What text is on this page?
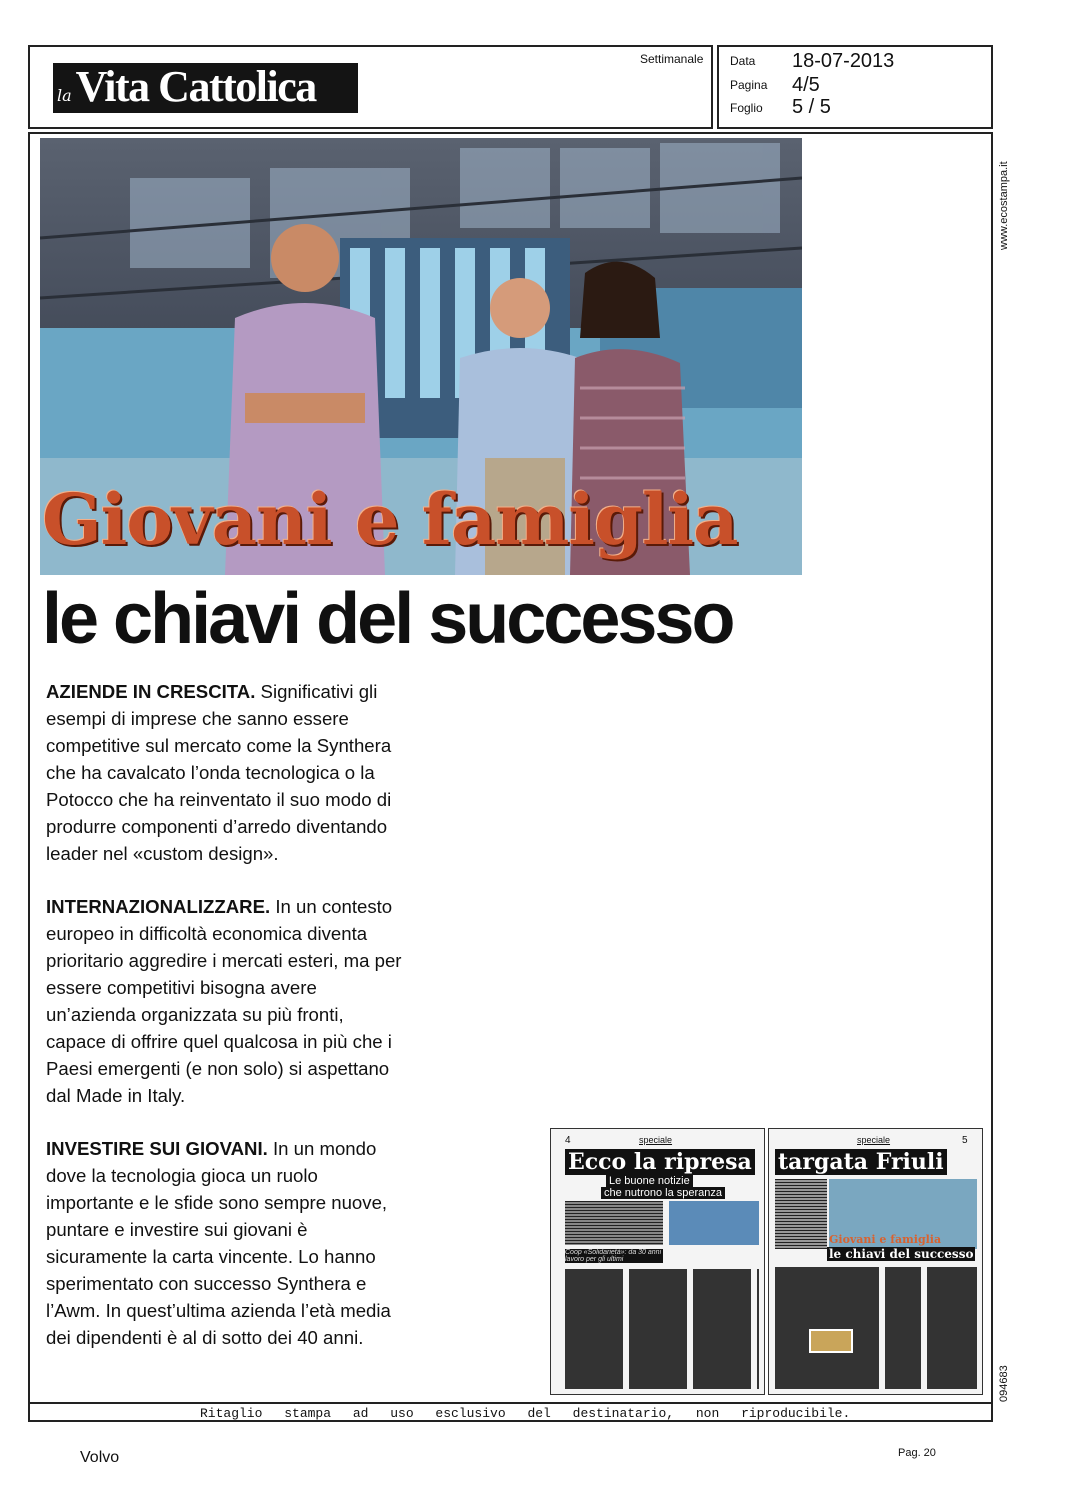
la Vita Cattolica
Settimanale Data 18-07-2013
Pagina 4/5
Foglio 5 / 5
www.ecostampa.it
094683
Giovani e famiglia
le chiavi del successo
AZIENDE IN CRESCITA. Significativi gli esempi di imprese che sanno essere competitive sul mercato come la Synthera che ha cavalcato l’onda tecnologica o la Potocco che ha reinventato il suo modo di produrre componenti d’arredo diventando leader nel «custom design».
INTERNAZIONALIZZARE. In un contesto europeo in difficoltà economica diventa prioritario aggredire i mercati esteri, ma per essere competitivi bisogna avere un’azienda organizzata su più fronti, capace di offrire quel qualcosa in più che i Paesi emergenti (e non solo) si aspettano dal Made in Italy.
INVESTIRE SUI GIOVANI. In un mondo dove la tecnologia gioca un ruolo importante e le sfide sono sempre nuove, puntare e investire sui giovani è sicuramente la carta vincente. Lo hanno sperimentato con successo Synthera e l’Awm. In quest’ultima azienda l’età media dei dipendenti è al di sotto dei 40 anni.
4	speciale
Ecco la ripresa
Le buone notizie
che nutrono la speranza
Coop «Solidarietà»: da 30 anni lavoro per gli ultimi
speciale	5
targata Friuli
Giovani e famiglia
le chiavi del successo
Ritaglio stampa ad uso esclusivo del destinatario, non riproducibile.
Volvo	Pag. 20
